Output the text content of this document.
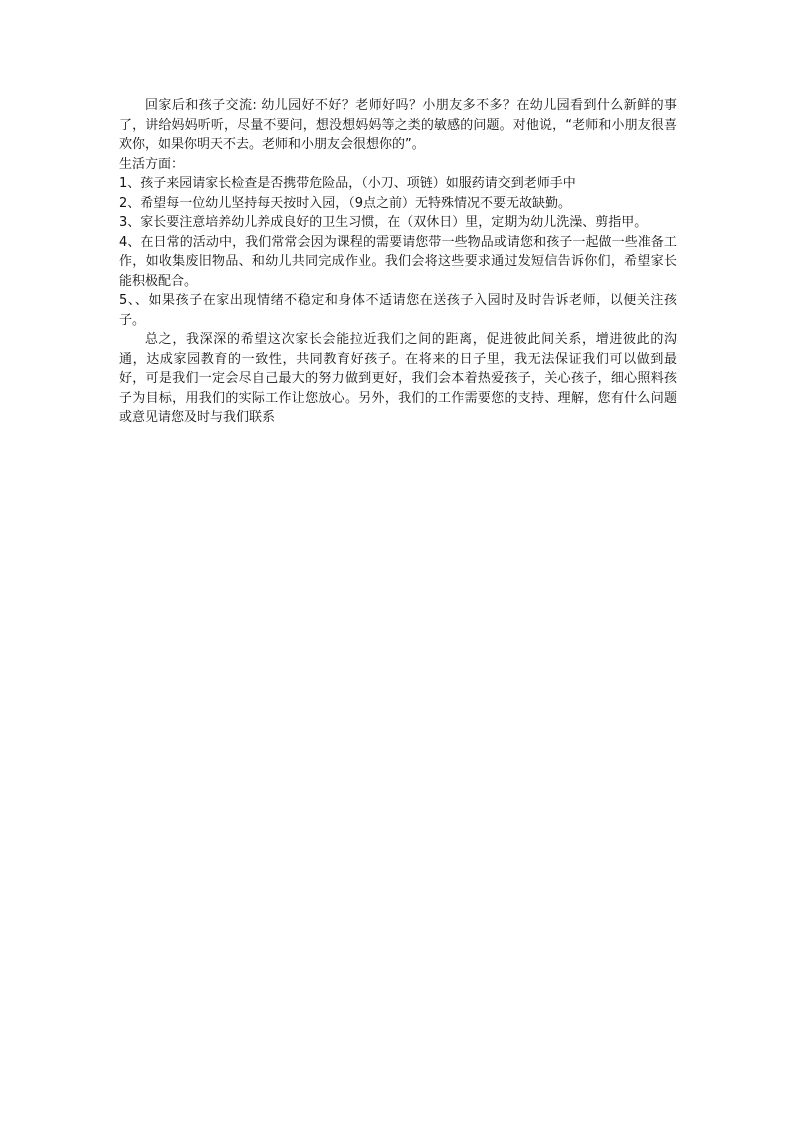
回家后和孩子交流: 幼儿园好不好？老师好吗？小朋友多不多？在幼儿园看到什么新鲜的事了，讲给妈妈听听，尽量不要问，想没想妈妈等之类的敏感的问题。对他说，“老师和小朋友很喜欢你，如果你明天不去。老师和小朋友会很想你的”。

生活方面：

1、孩子来园请家长检查是否携带危险品，（小刀、项链）如服药请交到老师手中

2、希望每一位幼儿坚持每天按时入园，（9点之前）无特殊情况不要无故缺勤。

3、家长要注意培养幼儿养成良好的卫生习惯，在（双休日）里，定期为幼儿洗澡、剪指甲。

4、在日常的活动中，我们常常会因为课程的需要请您带一些物品或请您和孩子一起做一些准备工作，如收集废旧物品、和幼儿共同完成作业。我们会将这些要求通过发短信告诉你们，希望家长能积极配合。

5、、如果孩子在家出现情绪不稳定和身体不适请您在送孩子入园时及时告诉老师，以便关注孩子。

总之，我深深的希望这次家长会能拉近我们之间的距离，促进彼此间关系，增进彼此的沟通，达成家园教育的一致性，共同教育好孩子。在将来的日子里，我无法保证我们可以做到最好，可是我们一定会尽自己最大的努力做到更好，我们会本着热爱孩子，关心孩子，细心照料孩子为目标，用我们的实际工作让您放心。另外，我们的工作需要您的支持、理解，您有什么问题或意见请您及时与我们联系
